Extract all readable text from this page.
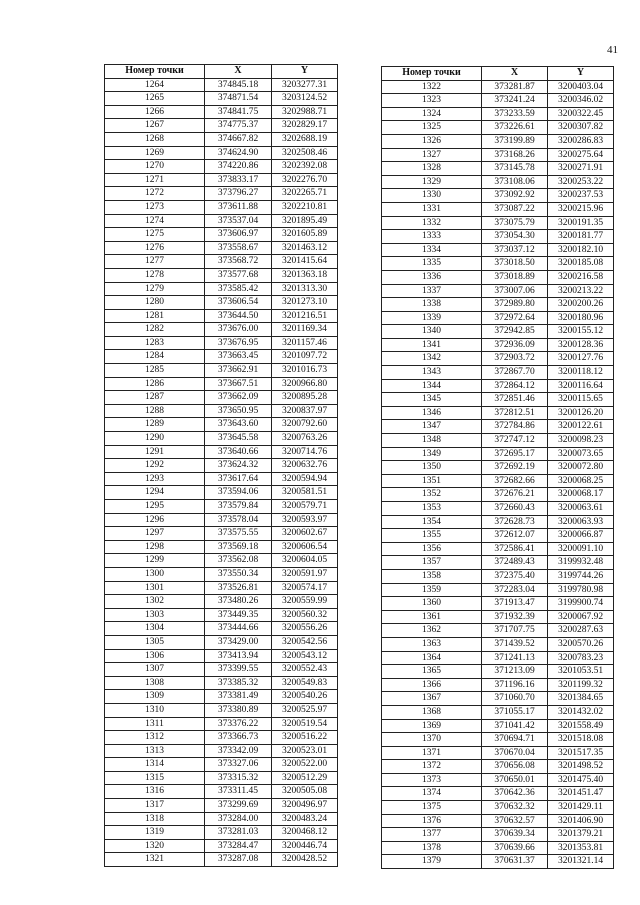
41
Номер точки	X	Y
1264	374845.18	3203277.31
1265	374871.54	3203124.52
1266	374841.75	3202988.71
1267	374775.37	3202829.17
1268	374667.82	3202688.19
1269	374624.90	3202508.46
1270	374220.86	3202392.08
1271	373833.17	3202276.70
1272	373796.27	3202265.71
1273	373611.88	3202210.81
1274	373537.04	3201895.49
1275	373606.97	3201605.89
1276	373558.67	3201463.12
1277	373568.72	3201415.64
1278	373577.68	3201363.18
1279	373585.42	3201313.30
1280	373606.54	3201273.10
1281	373644.50	3201216.51
1282	373676.00	3201169.34
1283	373676.95	3201157.46
1284	373663.45	3201097.72
1285	373662.91	3201016.73
1286	373667.51	3200966.80
1287	373662.09	3200895.28
1288	373650.95	3200837.97
1289	373643.60	3200792.60
1290	373645.58	3200763.26
1291	373640.66	3200714.76
1292	373624.32	3200632.76
1293	373617.64	3200594.94
1294	373594.06	3200581.51
1295	373579.84	3200579.71
1296	373578.04	3200593.97
1297	373575.55	3200602.67
1298	373569.18	3200606.54
1299	373562.08	3200604.05
1300	373550.34	3200591.97
1301	373526.81	3200574.17
1302	373480.26	3200559.99
1303	373449.35	3200560.32
1304	373444.66	3200556.26
1305	373429.00	3200542.56
1306	373413.94	3200543.12
1307	373399.55	3200552.43
1308	373385.32	3200549.83
1309	373381.49	3200540.26
1310	373380.89	3200525.97
1311	373376.22	3200519.54
1312	373366.73	3200516.22
1313	373342.09	3200523.01
1314	373327.06	3200522.00
1315	373315.32	3200512.29
1316	373311.45	3200505.08
1317	373299.69	3200496.97
1318	373284.00	3200483.24
1319	373281.03	3200468.12
1320	373284.47	3200446.74
1321	373287.08	3200428.52
Номер точки	X	Y
1322	373281.87	3200403.04
1323	373241.24	3200346.02
1324	373233.59	3200322.45
1325	373226.61	3200307.82
1326	373199.89	3200286.83
1327	373168.26	3200275.64
1328	373145.78	3200271.91
1329	373108.06	3200253.22
1330	373092.92	3200237.53
1331	373087.22	3200215.96
1332	373075.79	3200191.35
1333	373054.30	3200181.77
1334	373037.12	3200182.10
1335	373018.50	3200185.08
1336	373018.89	3200216.58
1337	373007.06	3200213.22
1338	372989.80	3200200.26
1339	372972.64	3200180.96
1340	372942.85	3200155.12
1341	372936.09	3200128.36
1342	372903.72	3200127.76
1343	372867.70	3200118.12
1344	372864.12	3200116.64
1345	372851.46	3200115.65
1346	372812.51	3200126.20
1347	372784.86	3200122.61
1348	372747.12	3200098.23
1349	372695.17	3200073.65
1350	372692.19	3200072.80
1351	372682.66	3200068.25
1352	372676.21	3200068.17
1353	372660.43	3200063.61
1354	372628.73	3200063.93
1355	372612.07	3200066.87
1356	372586.41	3200091.10
1357	372489.43	3199932.48
1358	372375.40	3199744.26
1359	372283.04	3199780.98
1360	371913.47	3199900.74
1361	371932.39	3200067.92
1362	371707.75	3200287.63
1363	371439.52	3200570.26
1364	371241.13	3200783.23
1365	371213.09	3201053.51
1366	371196.16	3201199.32
1367	371060.70	3201384.65
1368	371055.17	3201432.02
1369	371041.42	3201558.49
1370	370694.71	3201518.08
1371	370670.04	3201517.35
1372	370656.08	3201498.52
1373	370650.01	3201475.40
1374	370642.36	3201451.47
1375	370632.32	3201429.11
1376	370632.57	3201406.90
1377	370639.34	3201379.21
1378	370639.66	3201353.81
1379	370631.37	3201321.14
